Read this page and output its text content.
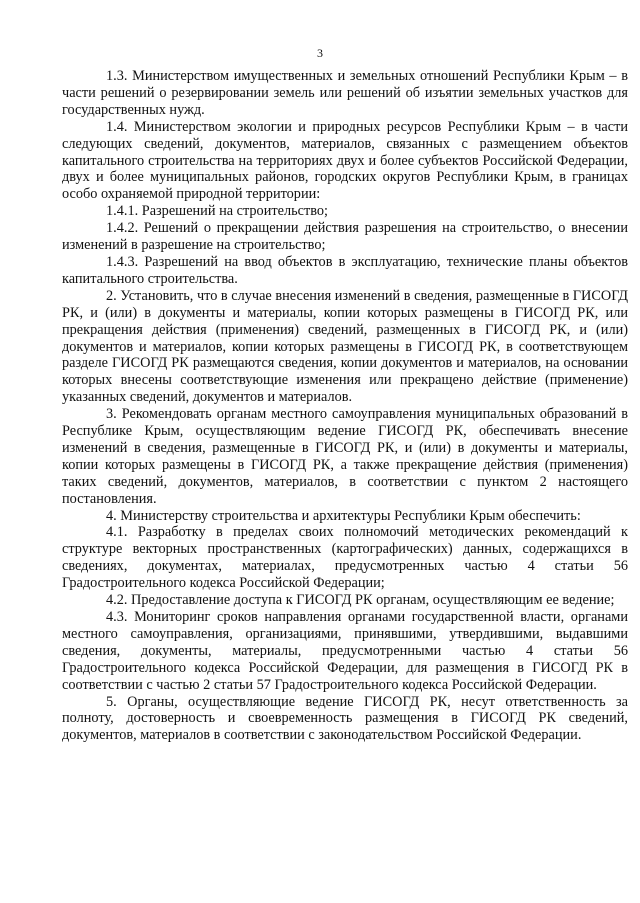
3

1.3. Министерством имущественных и земельных отношений Республики Крым – в части решений о резервировании земель или решений об изъятии земельных участков для государственных нужд.

1.4. Министерством экологии и природных ресурсов Республики Крым – в части следующих сведений, документов, материалов, связанных с размещением объектов капитального строительства на территориях двух и более субъектов Российской Федерации, двух и более муниципальных районов, городских округов Республики Крым, в границах особо охраняемой природной территории:

1.4.1. Разрешений на строительство;

1.4.2. Решений о прекращении действия разрешения на строительство, о внесении изменений в разрешение на строительство;

1.4.3. Разрешений на ввод объектов в эксплуатацию, технические планы объектов капитального строительства.

2. Установить, что в случае внесения изменений в сведения, размещенные в ГИСОГД РК, и (или) в документы и материалы, копии которых размещены в ГИСОГД РК, или прекращения действия (применения) сведений, размещенных в ГИСОГД РК, и (или) документов и материалов, копии которых размещены в ГИСОГД РК, в соответствующем разделе ГИСОГД РК размещаются сведения, копии документов и материалов, на основании которых внесены соответствующие изменения или прекращено действие (применение) указанных сведений, документов и материалов.

3. Рекомендовать органам местного самоуправления муниципальных образований в Республике Крым, осуществляющим ведение ГИСОГД РК, обеспечивать внесение изменений в сведения, размещенные в ГИСОГД РК, и (или) в документы и материалы, копии которых размещены в ГИСОГД РК, а также прекращение действия (применения) таких сведений, документов, материалов, в соответствии с пунктом 2 настоящего постановления.

4. Министерству строительства и архитектуры Республики Крым обеспечить:

4.1. Разработку в пределах своих полномочий методических рекомендаций к структуре векторных пространственных (картографических) данных, содержащихся в сведениях, документах, материалах, предусмотренных частью 4 статьи 56 Градостроительного кодекса Российской Федерации;

4.2. Предоставление доступа к ГИСОГД РК органам, осуществляющим ее ведение;

4.3. Мониторинг сроков направления органами государственной власти, органами местного самоуправления, организациями, принявшими, утвердившими, выдавшими сведения, документы, материалы, предусмотренными частью 4 статьи 56 Градостроительного кодекса Российской Федерации, для размещения в ГИСОГД РК в соответствии с частью 2 статьи 57 Градостроительного кодекса Российской Федерации.

5. Органы, осуществляющие ведение ГИСОГД РК, несут ответственность за полноту, достоверность и своевременность размещения в ГИСОГД РК сведений, документов, материалов в соответствии с законодательством Российской Федерации.
